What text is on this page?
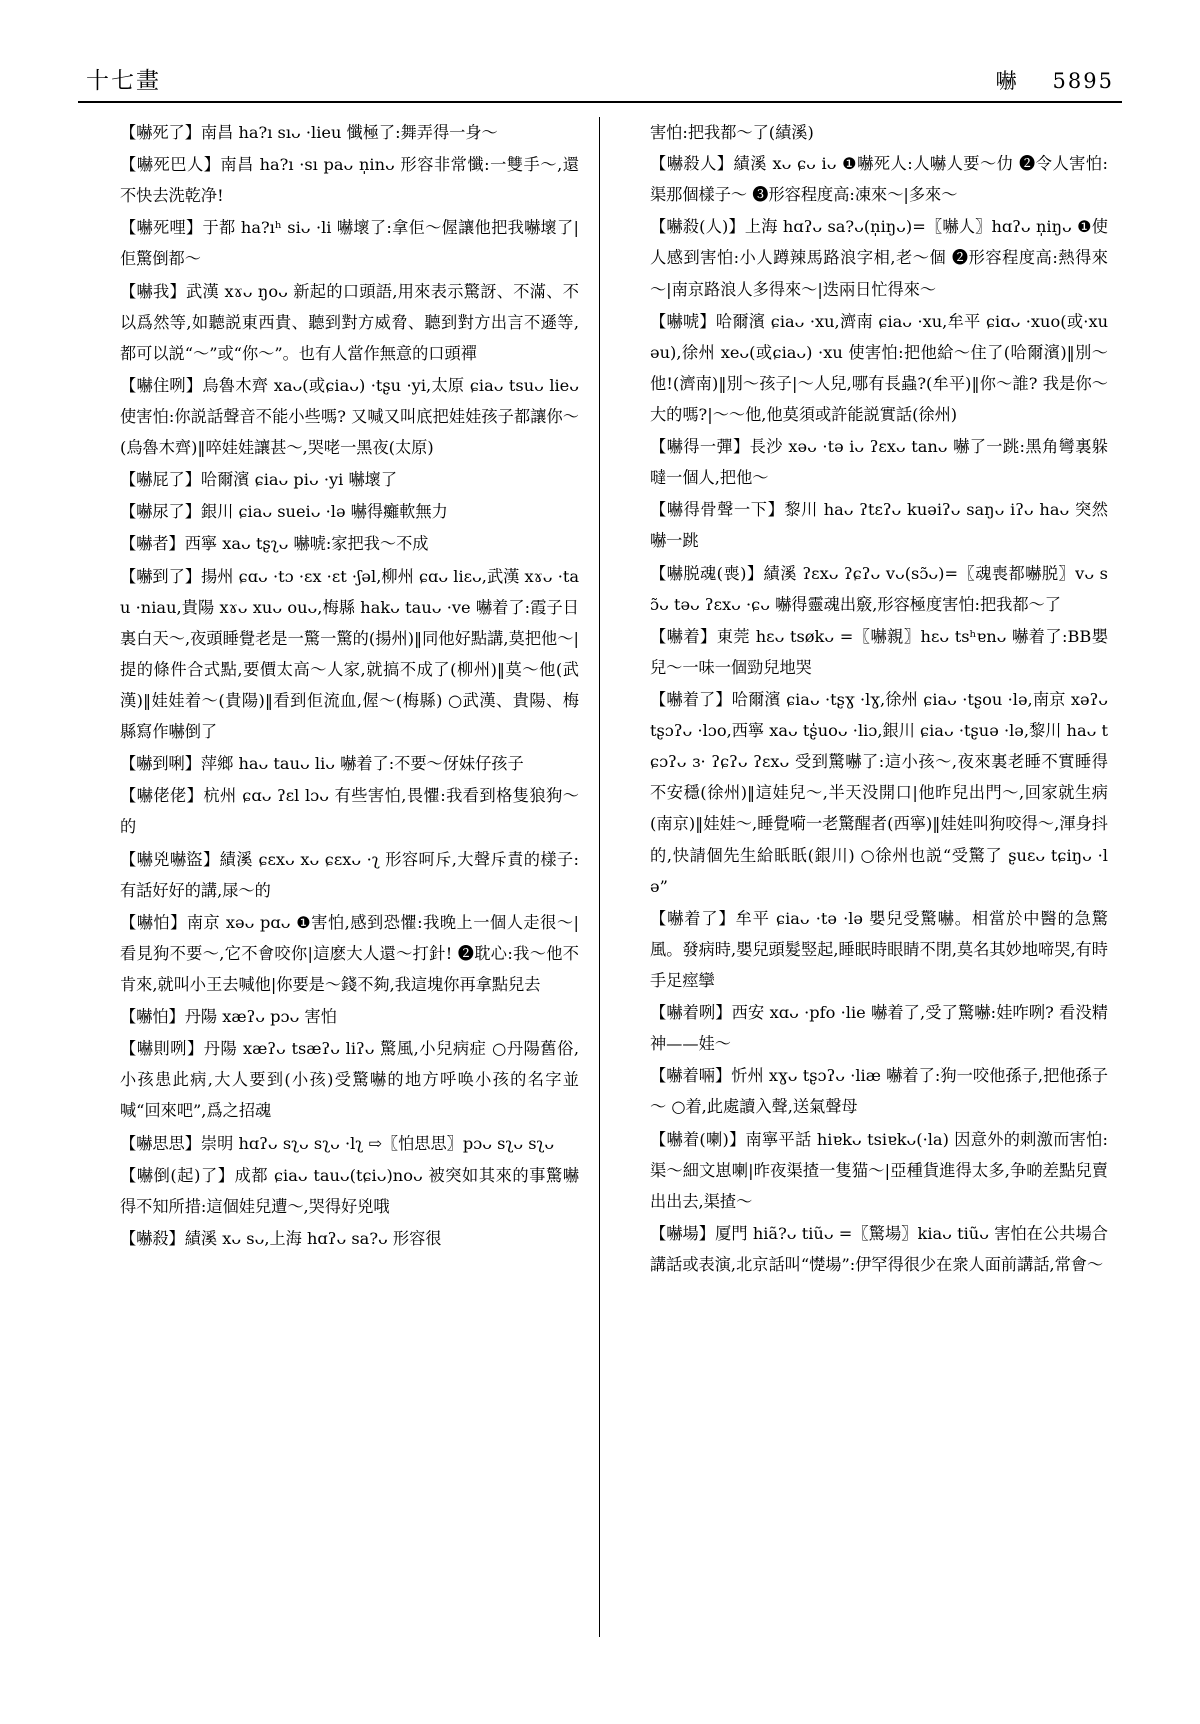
十七畫	嚇 5895

【嚇死了】南昌 ha?ı sıᴗ ·lieu 懺極了:舞弄得一身～

【嚇死巴人】南昌 ha?ı ·sı paᴗ n̩inᴗ 形容非常懺:一雙手～,還不快去洗乾净!

【嚇死哩】于都 ha?ıʰ siᴗ ·li 嚇壞了:拿佢～偓讓他把我嚇壞了|佢驚倒都～

【嚇我】武漢 xɤᴗ ŋoᴗ 新起的口頭語,用來表示驚訝、不滿、不以爲然等,如聽説東西貴、聽到對方威脅、聽到對方出言不遜等,都可以説“～”或“你～”。也有人當作無意的口頭禪

【嚇住咧】烏魯木齊 xaᴗ(或ɕiaᴗ) ·tʂu ·yi,太原 ɕiaᴗ tsuᴗ lieᴗ 使害怕:你説話聲音不能小些嗎? 又喊又叫底把娃娃孩子都讓你～(烏魯木齊)‖啐娃娃讓甚～,哭咾一黑夜(太原)

【嚇屁了】哈爾濱 ɕiaᴗ piᴗ ·yi 嚇壞了

【嚇尿了】銀川 ɕiaᴗ sueiᴗ ·lə 嚇得癱軟無力

【嚇者】西寧 xaᴗ tʂʅᴗ 嚇唬:家把我～不成

【嚇到了】揚州 ɕɑᴗ ·tɔ ·ɛx ·ɛt ·ʃəl,柳州 ɕɑᴗ liɛᴗ,武漢 xɤᴗ ·tau ·niau,貴陽 xɤᴗ xuᴗ ouᴗ,梅縣 hakᴗ tauᴗ ·ve 嚇着了:霞子日裏白天～,夜頭睡覺老是一驚一驚的(揚州)‖同他好點講,莫把他～|提的條件合式點,要價太高～人家,就搞不成了(柳州)‖莫～他(武漢)‖娃娃着～(貴陽)‖看到佢流血,偓～(梅縣) ○武漢、貴陽、梅縣寫作嚇倒了

【嚇到唎】萍鄉 haᴗ tauᴗ liᴗ 嚇着了:不要～伢妹仔孩子

【嚇佬佬】杭州 ɕɑᴗ ʔɛl lɔᴗ 有些害怕,畏懼:我看到格隻狼狗～的

【嚇兇嚇盜】績溪 ɕɛxᴗ xᴗ ɕɛxᴗ ·ʅ 形容呵斥,大聲斥責的樣子:有話好好的講,㞗～的

【嚇怕】南京 xəᴗ pɑᴗ ❶害怕,感到恐懼:我晚上一個人走很～|看見狗不要～,它不會咬你|這麽大人還～打針! ❷耽心:我～他不肯來,就叫小王去喊他|你要是～錢不夠,我這塊你再拿點兒去

【嚇怕】丹陽 xæʔᴗ pɔᴗ 害怕

【嚇則咧】丹陽 xæʔᴗ tsæʔᴗ liʔᴗ 驚風,小兒病症 ○丹陽舊俗,小孩患此病,大人要到(小孩)受驚嚇的地方呼唤小孩的名字並喊“回來吧”,爲之招魂

【嚇思思】崇明 hɑʔᴗ sʅᴗ sʅᴗ ·lʅ ⇨〖怕思思〗pɔᴗ sʅᴗ sʅᴗ

【嚇倒(起)了】成都 ɕiaᴗ tauᴗ(tɕiᴗ)noᴗ 被突如其來的事驚嚇得不知所措:這個娃兒遭～,哭得好兇哦

【嚇殺】績溪 xᴗ sᴗ,上海 hɑʔᴗ sa?ᴗ 形容很

害怕:把我都～了(績溪)

【嚇殺人】績溪 xᴗ ɕᴗ iᴗ ❶嚇死人:人嚇人要～仂 ❷令人害怕:渠那個樣子～ ❸形容程度高:凍來～|多來～

【嚇殺(人)】上海 hɑʔᴗ sa?ᴗ(n̩iŋᴗ)=〖嚇人〗hɑʔᴗ n̩iŋᴗ ❶使人感到害怕:小人蹲辣馬路浪字相,老～個 ❷形容程度高:熱得來～|南京路浪人多得來～|迭兩日忙得來～

【嚇唬】哈爾濱 ɕiaᴗ ·xu,濟南 ɕiaᴗ ·xu,牟平 ɕiɑᴗ ·xuo(或·xuəu),徐州 xeᴗ(或ɕiaᴗ) ·xu 使害怕:把他給～住了(哈爾濱)‖別～他!(濟南)‖別～孩子|～人兒,哪有長蟲?(牟平)‖你～誰? 我是你～大的嗎?|～～他,他莫須或許能説實話(徐州)

【嚇得一彈】長沙 xəᴗ ·tə iᴗ ʔɛxᴗ tanᴗ 嚇了一跳:黑角彎裏躲噠一個人,把他～

【嚇得骨聲一下】黎川 haᴗ ʔtɛʔᴗ kuəiʔᴗ saŋᴗ iʔᴗ haᴗ 突然嚇一跳

【嚇脱魂(喪)】績溪 ʔɛxᴗ ʔɕʔᴗ vᴗ(sɔ̃ᴗ)=〖魂喪都嚇脱〗vᴗ sɔ̃ᴗ təᴗ ʔɛxᴗ ·ɕᴗ 嚇得靈魂出竅,形容極度害怕:把我都～了

【嚇着】東莞 hɛᴗ tsøkᴗ =〖嚇親〗hɛᴗ tsʰɐnᴗ 嚇着了:BB嬰兒～一味一個勁兒地哭

【嚇着了】哈爾濱 ɕiaᴗ ·tʂɣ ·lɣ,徐州 ɕiaᴗ ·tʂou ·lə,南京 xəʔᴗ tʂɔʔᴗ ·lɔo,西寧 xaᴗ tʂ̍uoᴗ ·liɔ,銀川 ɕiaᴗ ·tʂuə ·lə,黎川 haᴗ tɕɔʔᴗ ɜ· ʔɕʔᴗ ʔɛxᴗ 受到驚嚇了:這小孩～,夜來裏老睡不實睡得不安穩(徐州)‖這娃兒～,半天没開口|他昨兒出門～,回家就生病(南京)‖娃娃～,睡覺嗬一老驚醒者(西寧)‖娃娃叫狗咬得～,渾身抖的,快請個先生給眂眂(銀川) ○徐州也説“受驚了 ʂuɛᴗ tɕiŋᴗ ·lə”

【嚇着了】牟平 ɕiaᴗ ·tə ·lə 嬰兒受驚嚇。相當於中醫的急驚風。發病時,嬰兒頭髮竪起,睡眠時眼睛不閉,莫名其妙地啼哭,有時手足痙攣

【嚇着咧】西安 xɑᴗ ·pfo ·lie 嚇着了,受了驚嚇:娃咋咧? 看没精神——娃～

【嚇着啢】忻州 xɣᴗ tʂɔʔᴗ ·liæ 嚇着了:狗一咬他孫子,把他孫子～ ○着,此處讀入聲,送氣聲母

【嚇着(喇)】南寧平話 hiɐkᴗ tsiɐkᴗ(·la) 因意外的刺激而害怕:渠～細文崽喇|昨夜渠揸一隻猫～|亞種貨進得太多,争啲差點兒賣出出去,渠揸～

【嚇場】厦門 hiã?ᴗ tiũᴗ =〖驚場〗kiaᴗ tiũᴗ 害怕在公共場合講話或表演,北京話叫“憷場”:伊罕得很少在衆人面前講話,常會～
